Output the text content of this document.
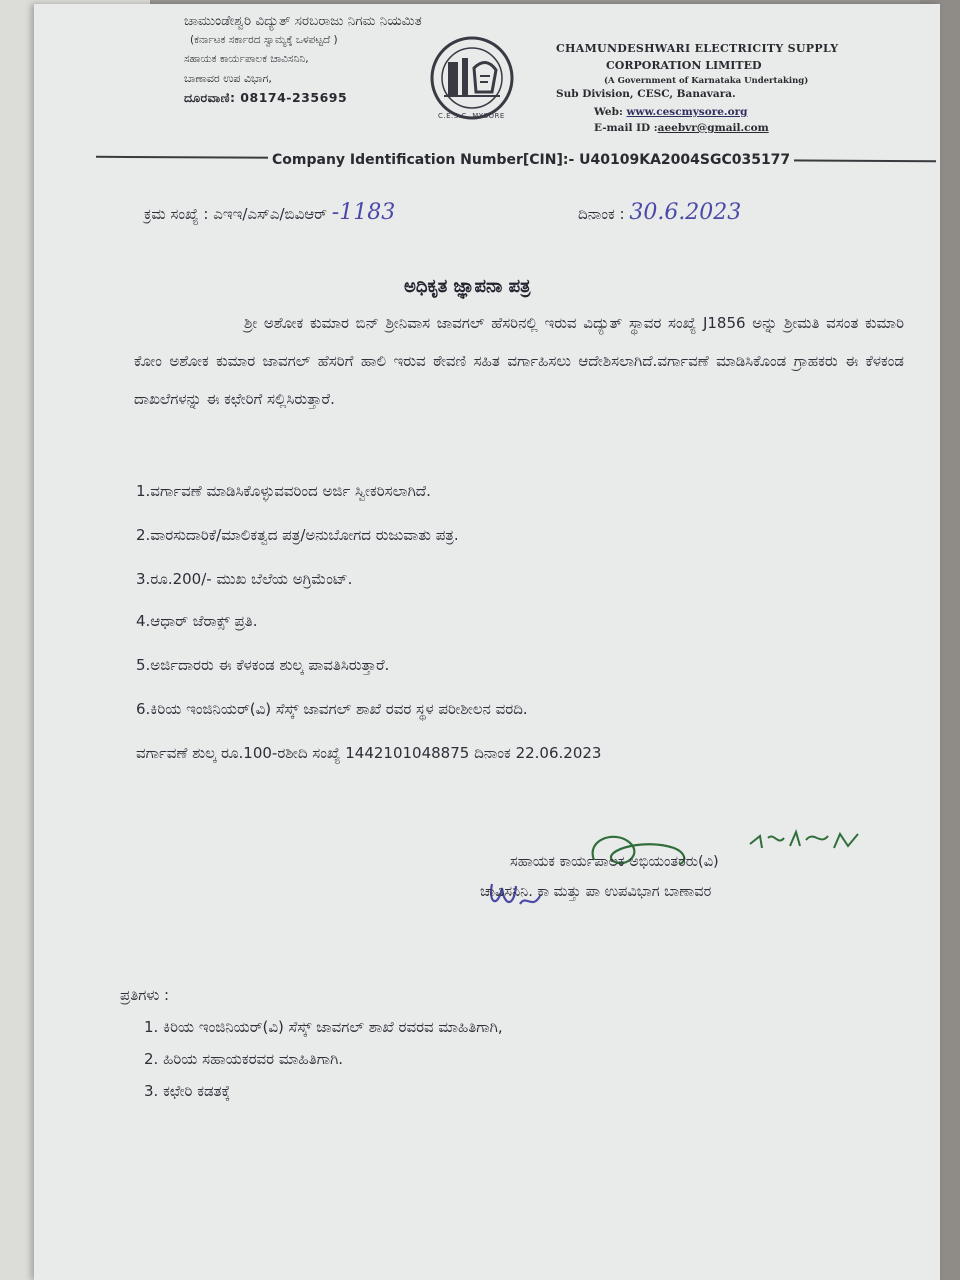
ಚಾಮುಂಡೇಶ್ವರಿ ವಿದ್ಯುತ್ ಸರಬರಾಜು ನಿಗಮ ನಿಯಮಿತ
(ಕರ್ನಾಟಕ ಸರ್ಕಾರದ ಸ್ವಾಮ್ಯಕ್ಕೆ ಒಳಪಟ್ಟದೆ )
ಸಹಾಯಕ ಕಾರ್ಯಪಾಲಕ ಚಾವಿಸನಿನಿ,
ಬಾಣಾವರ ಉಪ ವಿಭಾಗ,
ದೂರವಾಣಿ: 08174-235695
C.E.S.C. MYSORE
CHAMUNDESHWARI ELECTRICITY SUPPLY
CORPORATION LIMITED
(A Government of Karnataka Undertaking)
Sub Division, CESC, Banavara.
Web: www.cescmysore.org
E-mail ID :aeebvr@gmail.com
Company Identification Number[CIN]:- U40109KA2004SGC035177
ಕ್ರಮ ಸಂಖ್ಯೆ : ಎಇಇ/ಎಸ್ಎ/ಬಿವಿಆರ್ -1183	ದಿನಾಂಕ : 30.6.2023
ಅಧಿಕೃತ ಜ್ಞಾಪನಾ ಪತ್ರ
ಶ್ರೀ ಅಶೋಕ ಕುಮಾರ ಬಿನ್ ಶ್ರೀನಿವಾಸ ಜಾವಗಲ್ ಹೆಸರಿನಲ್ಲಿ ಇರುವ ವಿದ್ಯುತ್ ಸ್ಥಾವರ ಸಂಖ್ಯೆ J1856 ಅನ್ನು ಶ್ರೀಮತಿ ವಸಂತ ಕುಮಾರಿ ಕೋಂ ಅಶೋಕ ಕುಮಾರ ಜಾವಗಲ್ ಹೆಸರಿಗೆ ಹಾಲಿ ಇರುವ ಠೇವಣಿ ಸಹಿತ ವರ್ಗಾಹಿಸಲು ಆದೇಶಿಸಲಾಗಿದೆ.ವರ್ಗಾವಣೆ ಮಾಡಿಸಿಕೊಂಡ ಗ್ರಾಹಕರು ಈ ಕೆಳಕಂಡ ದಾಖಲೆಗಳನ್ನು ಈ ಕಛೇರಿಗೆ ಸಲ್ಲಿಸಿರುತ್ತಾರೆ.
1.ವರ್ಗಾವಣೆ ಮಾಡಿಸಿಕೊಳ್ಳುವವರಿಂದ ಅರ್ಜಿ ಸ್ವೀಕರಿಸಲಾಗಿದೆ.
2.ವಾರಸುದಾರಿಕೆ/ಮಾಲಿಕತ್ವದ ಪತ್ರ/ಅನುಬೋಗದ ರುಜುವಾತು ಪತ್ರ.
3.ರೂ.200/- ಮುಖ ಬೆಲೆಯ ಅಗ್ರಿಮೆಂಟ್.
4.ಆಧಾರ್ ಜೆರಾಕ್ಸ್ ಪ್ರತಿ.
5.ಅರ್ಜಿದಾರರು ಈ ಕೆಳಕಂಡ ಶುಲ್ಕ ಪಾವತಿಸಿರುತ್ತಾರೆ.
6.ಕಿರಿಯ ಇಂಜಿನಿಯರ್(ವಿ) ಸೆಸ್ಕ್ ಜಾವಗಲ್ ಶಾಖೆ ರವರ ಸ್ಥಳ ಪರೀಶೀಲನ ವರದಿ.
ವರ್ಗಾವಣೆ ಶುಲ್ಕ ರೂ.100-ರಶೀದಿ ಸಂಖ್ಯೆ 1442101048875 ದಿನಾಂಕ 22.06.2023
ಸಹಾಯಕ ಕಾರ್ಯಪಾಲಕ ಅಭಿಯಂತರರು(ವಿ)
ಚಾವಿಸನಿನಿ. ಕಾ ಮತ್ತು ಪಾ ಉಪವಿಭಾಗ ಬಾಣಾವರ
ಪ್ರತಿಗಳು :
1. ಕಿರಿಯ ಇಂಜಿನಿಯರ್(ವಿ) ಸೆಸ್ಕ್ ಜಾವಗಲ್ ಶಾಖೆ ರವರವ ಮಾಹಿತಿಗಾಗಿ,
2. ಹಿರಿಯ ಸಹಾಯಕರವರ ಮಾಹಿತಿಗಾಗಿ.
3. ಕಛೇರಿ ಕಡತಕ್ಕೆ
